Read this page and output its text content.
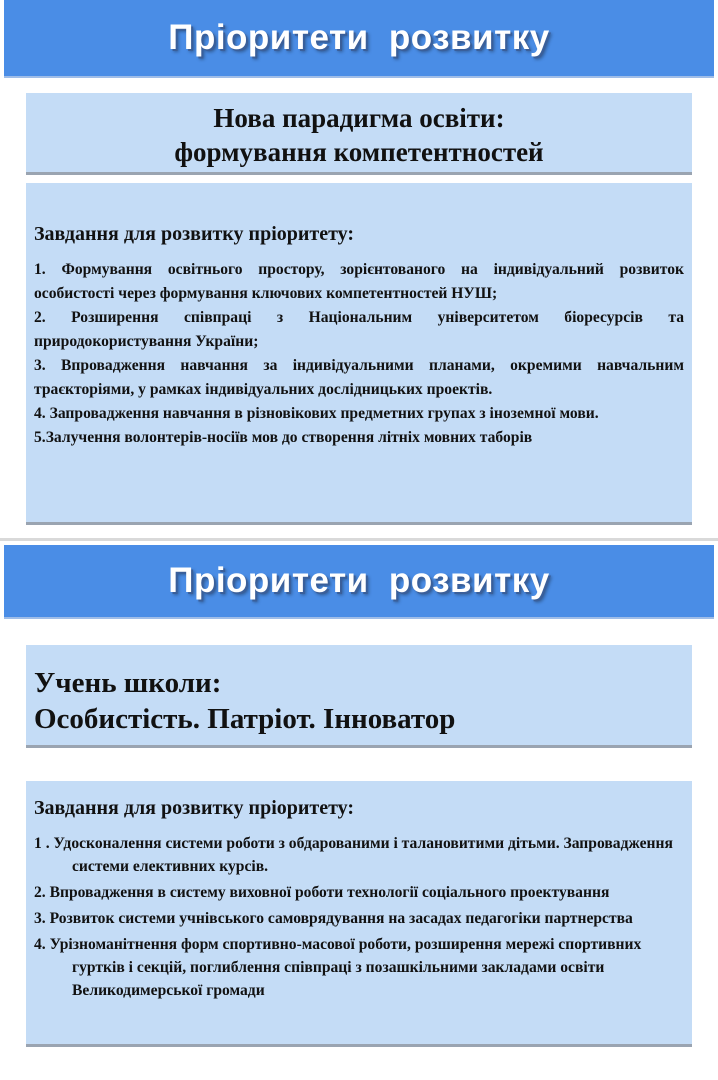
Пріоритети розвитку
Нова парадигма освіти:
формування компетентностей
Завдання для розвитку пріоритету:
1. Формування освітнього простору, зорієнтованого на індивідуальний розвиток особистості через формування ключових компетентностей НУШ;
2. Розширення співпраці з Національним університетом біоресурсів та природокористування України;
3. Впровадження навчання за індивідуальними планами, окремими навчальним траєкторіями, у рамках індивідуальних дослідницьких проектів.
4. Запровадження навчання в різновікових предметних групах з іноземної мови.
5.Залучення волонтерів-носіїв мов до створення літніх мовних таборів
Пріоритети розвитку
Учень школи:
Особистість. Патріот. Інноватор
Завдання для розвитку пріоритету:
1 . Удосконалення системи роботи з обдарованими і талановитими дітьми. Запровадження системи елективних курсів.
2. Впровадження в систему виховної роботи технології соціального проектування
3. Розвиток системи учнівського самоврядування на засадах педагогіки партнерства
4. Урізноманітнення форм спортивно-масової роботи, розширення мережі спортивних гуртків і секцій, поглиблення співпраці з позашкільними закладами освіти Великодимерської громади
